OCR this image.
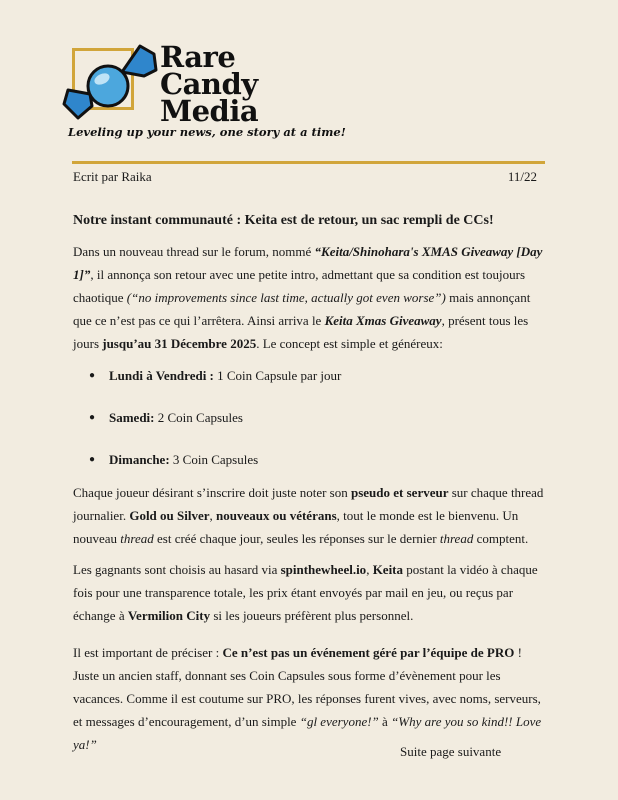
Rare
Candy
Media
Leveling up your news, one story at a time!
Ecrit par Raika	11/22

Notre instant communauté : Keita est de retour, un sac rempli de CCs!

Dans un nouveau thread sur le forum, nommé “Keita/Shinohara's XMAS Giveaway [Day 1]”, il annonça son retour avec une petite intro, admettant que sa condition est toujours chaotique (“no improvements since last time, actually got even worse”) mais annonçant que ce n’est pas ce qui l’arrêtera. Ainsi arriva le Keita Xmas Giveaway, présent tous les jours jusqu’au 31 Décembre 2025. Le concept est simple et généreux:

● Lundi à Vendredi : 1 Coin Capsule par jour
● Samedi: 2 Coin Capsules
● Dimanche: 3 Coin Capsules

Chaque joueur désirant s’inscrire doit juste noter son pseudo et serveur sur chaque thread journalier. Gold ou Silver, nouveaux ou vétérans, tout le monde est le bienvenu. Un nouveau thread est créé chaque jour, seules les réponses sur le dernier thread comptent.

Les gagnants sont choisis au hasard via spinthewheel.io, Keita postant la vidéo à chaque fois pour une transparence totale, les prix étant envoyés par mail en jeu, ou reçus par échange à Vermilion City si les joueurs préfèrent plus personnel.

Il est important de préciser : Ce n’est pas un événement géré par l’équipe de PRO ! Juste un ancien staff, donnant ses Coin Capsules sous forme d’évènement pour les vacances. Comme il est coutume sur PRO, les réponses furent vives, avec noms, serveurs, et messages d’encouragement, d’un simple “gl everyone!” à “Why are you so kind!! Love ya!”	Suite page suivante
